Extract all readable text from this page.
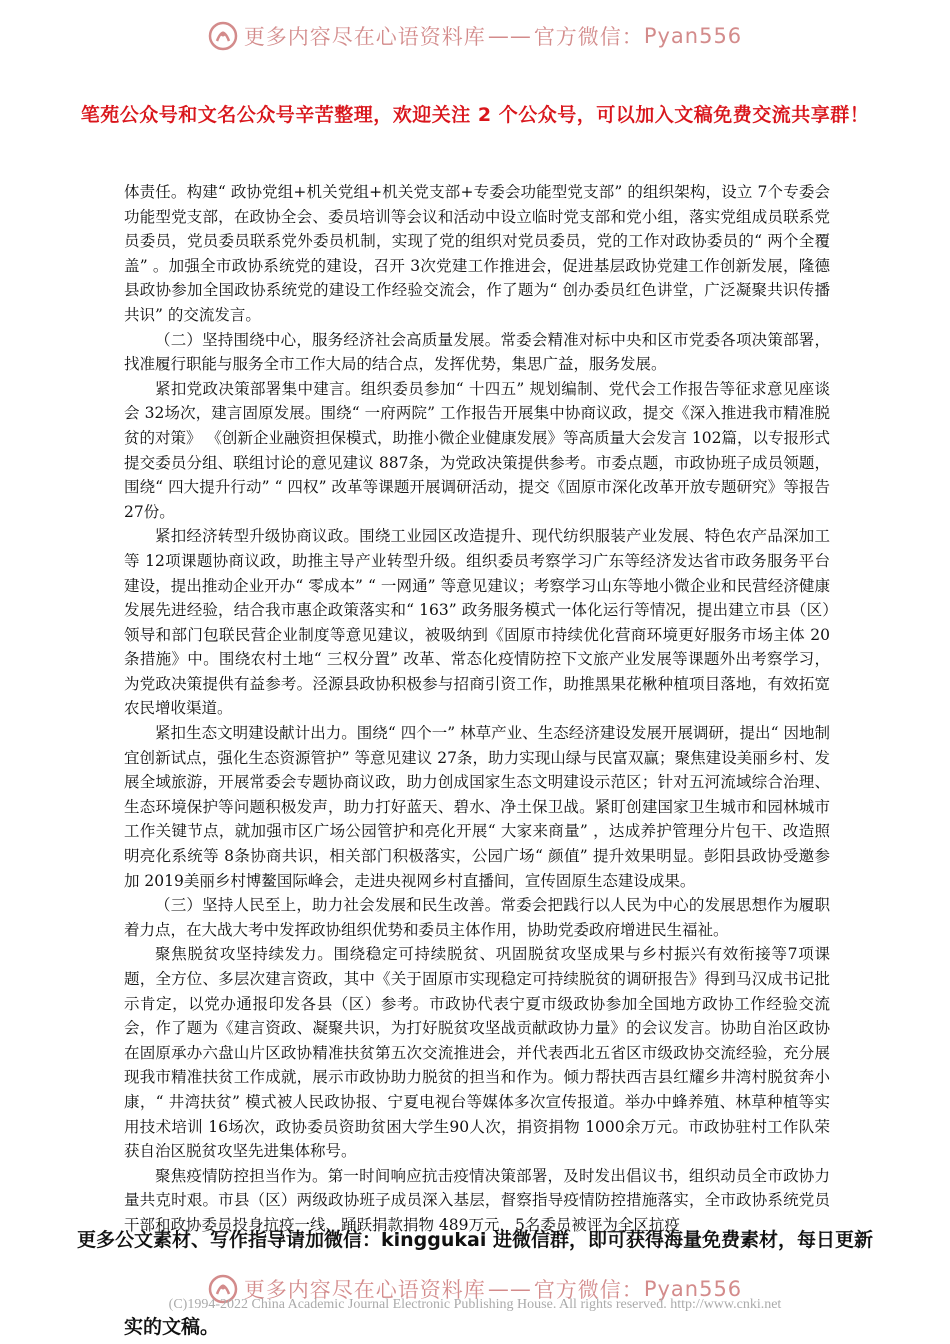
更多内容尽在心语资料库 —— 官方微信： Pyan556
笔苑公众号和文名公众号辛苦整理，欢迎关注 2 个公众号，可以加入文稿免费交流共享群！

体责任。构建“ 政协党组+机关党组+机关党支部+专委会功能型党支部” 的组织架构，设立 7个专委会功能型党支部，在政协全会、委员培训等会议和活动中设立临时党支部和党小组，落实党组成员联系党员委员，党员委员联系党外委员机制，实现了党的组织对党员委员，党的工作对政协委员的“ 两个全覆盖” 。加强全市政协系统党的建设，召开 3次党建工作推进会，促进基层政协党建工作创新发展，隆德县政协参加全国政协系统党的建设工作经验交流会，作了题为“ 创办委员红色讲堂，广泛凝聚共识传播共识” 的交流发言。

（二）坚持围绕中心，服务经济社会高质量发展。常委会精准对标中央和区市党委各项决策部署，找准履行职能与服务全市工作大局的结合点，发挥优势，集思广益，服务发展。

紧扣党政决策部署集中建言。组织委员参加“ 十四五” 规划编制、党代会工作报告等征求意见座谈会 32场次，建言固原发展。围绕“ 一府两院” 工作报告开展集中协商议政，提交《深入推进我市精准脱贫的对策》 《创新企业融资担保模式，助推小微企业健康发展》等高质量大会发言 102篇，以专报形式提交委员分组、联组讨论的意见建议 887条，为党政决策提供参考。市委点题，市政协班子成员领题，围绕“ 四大提升行动” “ 四权” 改革等课题开展调研活动，提交《固原市深化改革开放专题研究》等报告 27份。

紧扣经济转型升级协商议政。围绕工业园区改造提升、现代纺织服装产业发展、特色农产品深加工等 12项课题协商议政，助推主导产业转型升级。组织委员考察学习广东等经济发达省市政务服务平台建设，提出推动企业开办“ 零成本” “ 一网通” 等意见建议；考察学习山东等地小微企业和民营经济健康发展先进经验，结合我市惠企政策落实和“ 163” 政务服务模式一体化运行等情况，提出建立市县（区）领导和部门包联民营企业制度等意见建议，被吸纳到《固原市持续优化营商环境更好服务市场主体 20条措施》中。围绕农村土地“ 三权分置” 改革、常态化疫情防控下文旅产业发展等课题外出考察学习，为党政决策提供有益参考。泾源县政协积极参与招商引资工作，助推黑果花楸种植项目落地，有效拓宽农民增收渠道。

紧扣生态文明建设献计出力。围绕“ 四个一” 林草产业、生态经济建设发展开展调研，提出“ 因地制宜创新试点，强化生态资源管护” 等意见建议 27条，助力实现山绿与民富双赢；聚焦建设美丽乡村、发展全域旅游，开展常委会专题协商议政，助力创成国家生态文明建设示范区；针对五河流域综合治理、生态环境保护等问题积极发声，助力打好蓝天、碧水、净土保卫战。紧盯创建国家卫生城市和园林城市工作关键节点，就加强市区广场公园管护和亮化开展“ 大家来商量” ，达成养护管理分片包干、改造照明亮化系统等 8条协商共识，相关部门积极落实，公园广场“ 颜值” 提升效果明显。彭阳县政协受邀参加 2019美丽乡村博鳌国际峰会，走进央视网乡村直播间，宣传固原生态建设成果。

（三）坚持人民至上，助力社会发展和民生改善。常委会把践行以人民为中心的发展思想作为履职着力点，在大战大考中发挥政协组织优势和委员主体作用，协助党委政府增进民生福祉。

聚焦脱贫攻坚持续发力。围绕稳定可持续脱贫、巩固脱贫攻坚成果与乡村振兴有效衔接等7项课题，全方位、多层次建言资政，其中《关于固原市实现稳定可持续脱贫的调研报告》得到马汉成书记批示肯定，以党办通报印发各县（区）参考。市政协代表宁夏市级政协参加全国地方政协工作经验交流会，作了题为《建言资政、凝聚共识，为打好脱贫攻坚战贡献政协力量》的会议发言。协助自治区政协在固原承办六盘山片区政协精准扶贫第五次交流推进会，并代表西北五省区市级政协交流经验，充分展现我市精准扶贫工作成就，展示市政协助力脱贫的担当和作为。倾力帮扶西吉县红耀乡井湾村脱贫奔小康，“ 井湾扶贫” 模式被人民政协报、宁夏电视台等媒体多次宣传报道。举办中蜂养殖、林草种植等实用技术培训 16场次，政协委员资助贫困大学生90人次，捐资捐物 1000余万元。市政协驻村工作队荣获自治区脱贫攻坚先进集体称号。

聚焦疫情防控担当作为。第一时间响应抗击疫情决策部署，及时发出倡议书，组织动员全市政协力量共克时艰。市县（区）两级政协班子成员深入基层，督察指导疫情防控措施落实，全市政协系统党员干部和政协委员投身抗疫一线、踊跃捐款捐物 489万元，5名委员被评为全区抗疫

更多公文素材、写作指导请加微信：kinggukai 进微信群，即可获得海量免费素材，每日更新
更多内容尽在心语资料库 —— 官方微信： Pyan556
(C)1994-2022 China Academic Journal Electronic Publishing House. All rights reserved. http://www.cnki.net
实的文稿。
